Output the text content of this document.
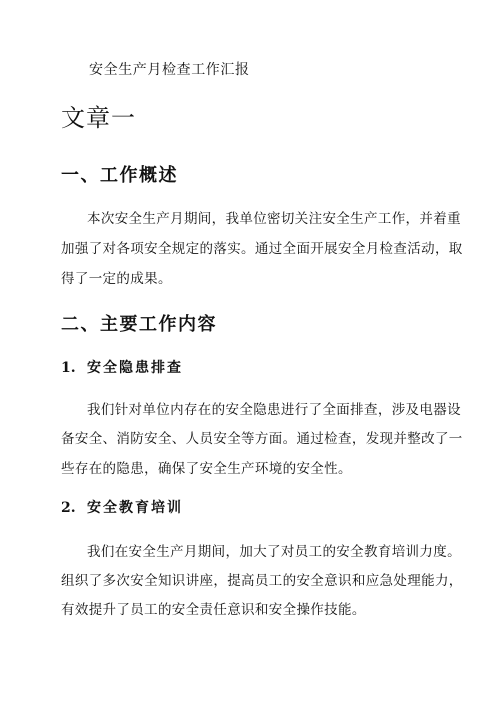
安全生产月检查工作汇报
文章一
一、工作概述
本次安全生产月期间，我单位密切关注安全生产工作，并着重
加强了对各项安全规定的落实。通过全面开展安全月检查活动，取
得了一定的成果。
二、主要工作内容
1. 安全隐患排查
我们针对单位内存在的安全隐患进行了全面排查，涉及电器设
备安全、消防安全、人员安全等方面。通过检查，发现并整改了一
些存在的隐患，确保了安全生产环境的安全性。
2. 安全教育培训
我们在安全生产月期间，加大了对员工的安全教育培训力度。
组织了多次安全知识讲座，提高员工的安全意识和应急处理能力，
有效提升了员工的安全责任意识和安全操作技能。
